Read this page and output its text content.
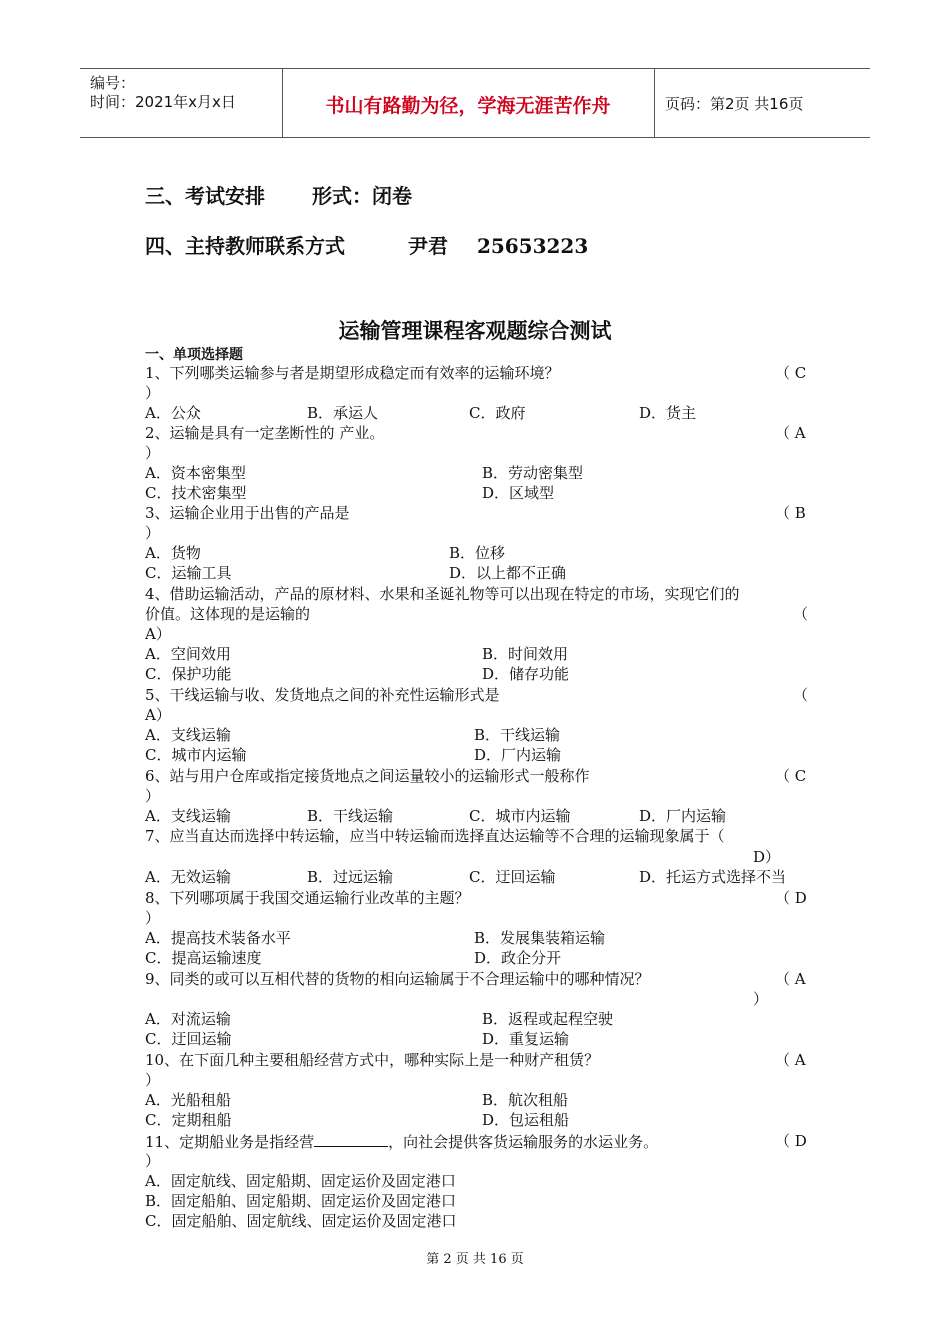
编号：
时间：2021年x月x日	书山有路勤为径，学海无涯苦作舟	页码：第2页 共16页
三、考试安排 形式：闭卷
四、主持教师联系方式	尹君 25653223
运输管理课程客观题综合测试
一、单项选择题
1、下列哪类运输参与者是期望形成稳定而有效率的运输环境？	（ C
）
A．公众	B．承运人	C．政府	D．货主
2、运输是具有一定垄断性的 产业。	（ A
）
A．资本密集型	B．劳动密集型
C．技术密集型	D．区域型
3、运输企业用于出售的产品是	（ B
）
A．货物	B．位移
C．运输工具	D．以上都不正确
4、借助运输活动，产品的原材料、水果和圣诞礼物等可以出现在特定的市场，实现它们的
价值。这体现的是运输的	（
A）
A．空间效用	B．时间效用
C．保护功能	D．储存功能
5、干线运输与收、发货地点之间的补充性运输形式是	（
A）
A．支线运输	B．干线运输
C．城市内运输	D．厂内运输
6、站与用户仓库或指定接货地点之间运量较小的运输形式一般称作	（ C
）
A．支线运输	B．干线运输	C．城市内运输	D．厂内运输
7、应当直达而选择中转运输，应当中转运输而选择直达运输等不合理的运输现象属于（
D）
A．无效运输	B．过远运输	C．迂回运输	D．托运方式选择不当
8、下列哪项属于我国交通运输行业改革的主题？	（ D
）
A．提高技术装备水平	B．发展集装箱运输
C．提高运输速度	D．政企分开
9、同类的或可以互相代替的货物的相向运输属于不合理运输中的哪种情况？	（ A
）
A．对流运输	B．返程或起程空驶
C．迂回运输	D．重复运输
10、在下面几种主要租船经营方式中，哪种实际上是一种财产租赁？	（ A
）
A．光船租船	B．航次租船
C．定期租船	D．包运租船
11、定期船业务是指经营	，向社会提供客货运输服务的水运业务。	（ D
）
A．固定航线、固定船期、固定运价及固定港口
B．固定船舶、固定船期、固定运价及固定港口
C．固定船舶、固定航线、固定运价及固定港口
第 2 页 共 16 页
